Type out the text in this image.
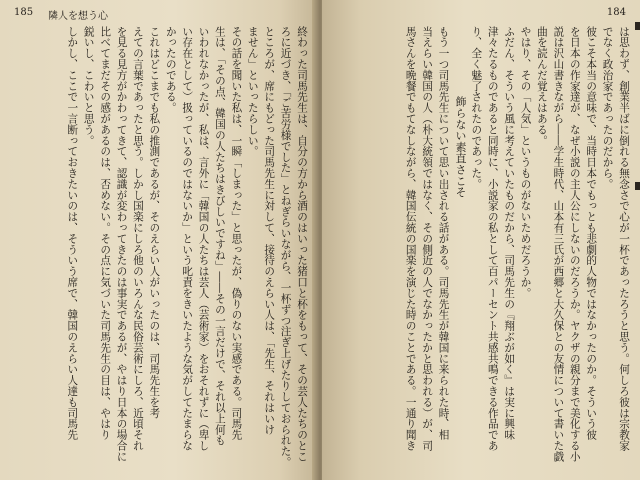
185 隣人を想う心
終わった司馬先生は、自分の方から酒のはいった猪口と杯をもって、その芸人たちのとこ
ろに近づき、「ご苦労様でした」とねぎらいながら、一杯ずつ注ぎ上げたりしておられた。
ところが、席にもどった司馬先生に対して、接待のえらい人は、「先生、それはいけ
ません」といったらしい。
その話を聞いた私は、一瞬「しまった」と思ったが、偽りのない実感である。司馬先
生は、「その点、韓国の人たちはきびしいですね」――その一言だけで、それ以上何も
いわれなかったが、私は、言外に「韓国の人たちは芸人（芸術家）をおそれずに（卑し
い存在として）扱っているのではないか」という叱責をきいたような気がしてたまらな
かったのである。
これはどこまでも私の推測であるが、そのえらい人がいったのは、司馬先生を考
えての言葉であったと思う。しかし国楽にしろ他のいろんな民俗芸術にしろ、近頃それ
を見る見方がかわってきて、認識が変わってきたのは事実であるが、やはり日本の場合に
比べてまだその感があるのは、否めない。その点に気づいた司馬先生の目は、やはり
鋭いし、こわいと思う。
しかし、ここで一言断っておきたいのは、そういう席で、韓国のえらい人達も司馬先
184
は思わず、創業半ばに倒れる無念さで心が一杯であったろうと思う。何しろ彼は宗教家
でなく政治家であったのだから。
彼こそ本当の意味で、当時日本でもっとも悲劇的人物ではなかったのか。そういう彼
を日本の作家達が、なぜ小説の主人公にしないのだろうか。ヤクザの親分まで美化する小
説は沢山書きながら――学生時代、山本有三氏が西郷と大久保との友情について書いた戯
曲を読んだ覚えはある。
やはり、その「人気」というものがないためだろうか。
ふだん、そういう風に考えていたものだから、司馬先生の『翔ぶが如く』は実に興味
津々たるものであると同時に、小説家の私として百パーセント共感共鳴できる作品であ
り、全く魅了されたのであった。
飾らない素直さこそ
もう一つ司馬先生について思い出される話がある。司馬先生が韓国に来られた時、相
当えらい韓国の人（朴大統領ではなく、その側近の人でなかったかと思われる）が、司
馬さんを晩餐でもてなしながら、韓国伝統の国楽を演じた時のことである。一通り聞き
